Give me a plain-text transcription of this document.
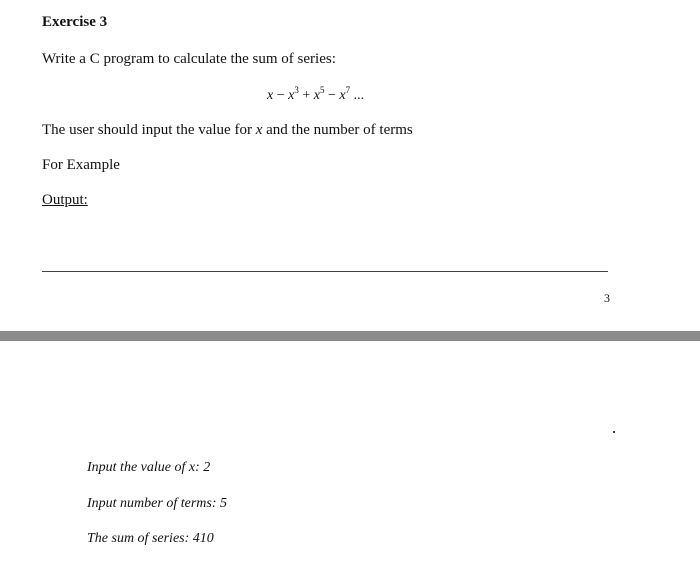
Exercise 3
Write a C program to calculate the sum of series:
$x - x^3 + x^5 - x^7$ ...
The user should input the value for x and the number of terms
For Example
Output:
3
Input the value of x: 2
Input number of terms: 5
The sum of series: 410
